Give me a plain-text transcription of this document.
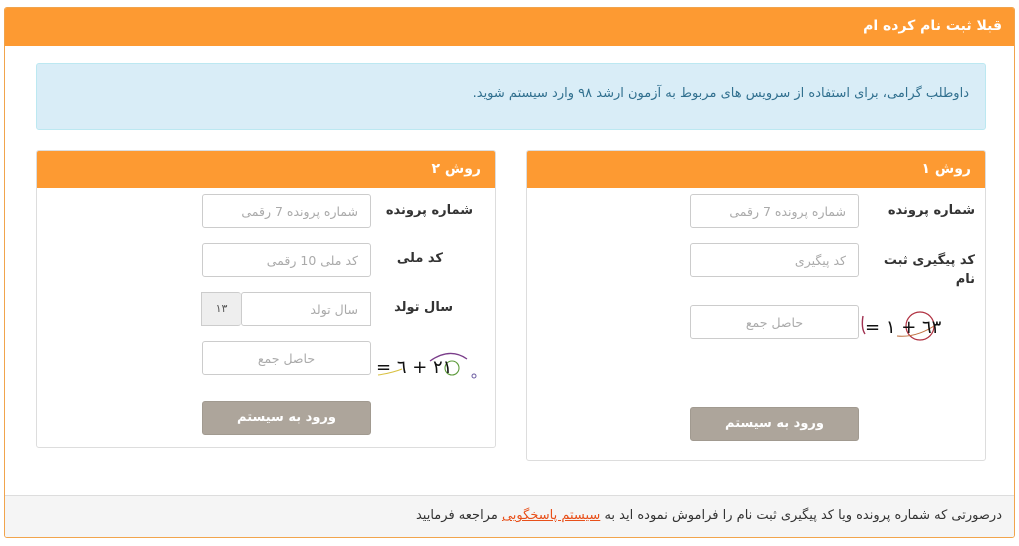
قبلا ثبت نام کرده ام
داوطلب گرامی، برای استفاده از سرویس های مربوط به آزمون ارشد ۹۸ وارد سیستم شوید.
روش ۱
شماره پرونده
شماره پرونده 7 رقمی
کد پیگیری ثبت نام
کد پیگیری
حاصل جمع
= ٦٣ + ١
ورود به سیستم
روش ۲
شماره پرونده
شماره پرونده 7 رقمی
کد ملی
کد ملی 10 رقمی
سال تولد
سال تولد
۱۳
حاصل جمع
= ٢١ + ٦
ورود به سیستم
درصورتی که شماره پرونده ویا کد پیگیری ثبت نام را فراموش نموده اید به سیستم پاسخگویی مراجعه فرمایید
